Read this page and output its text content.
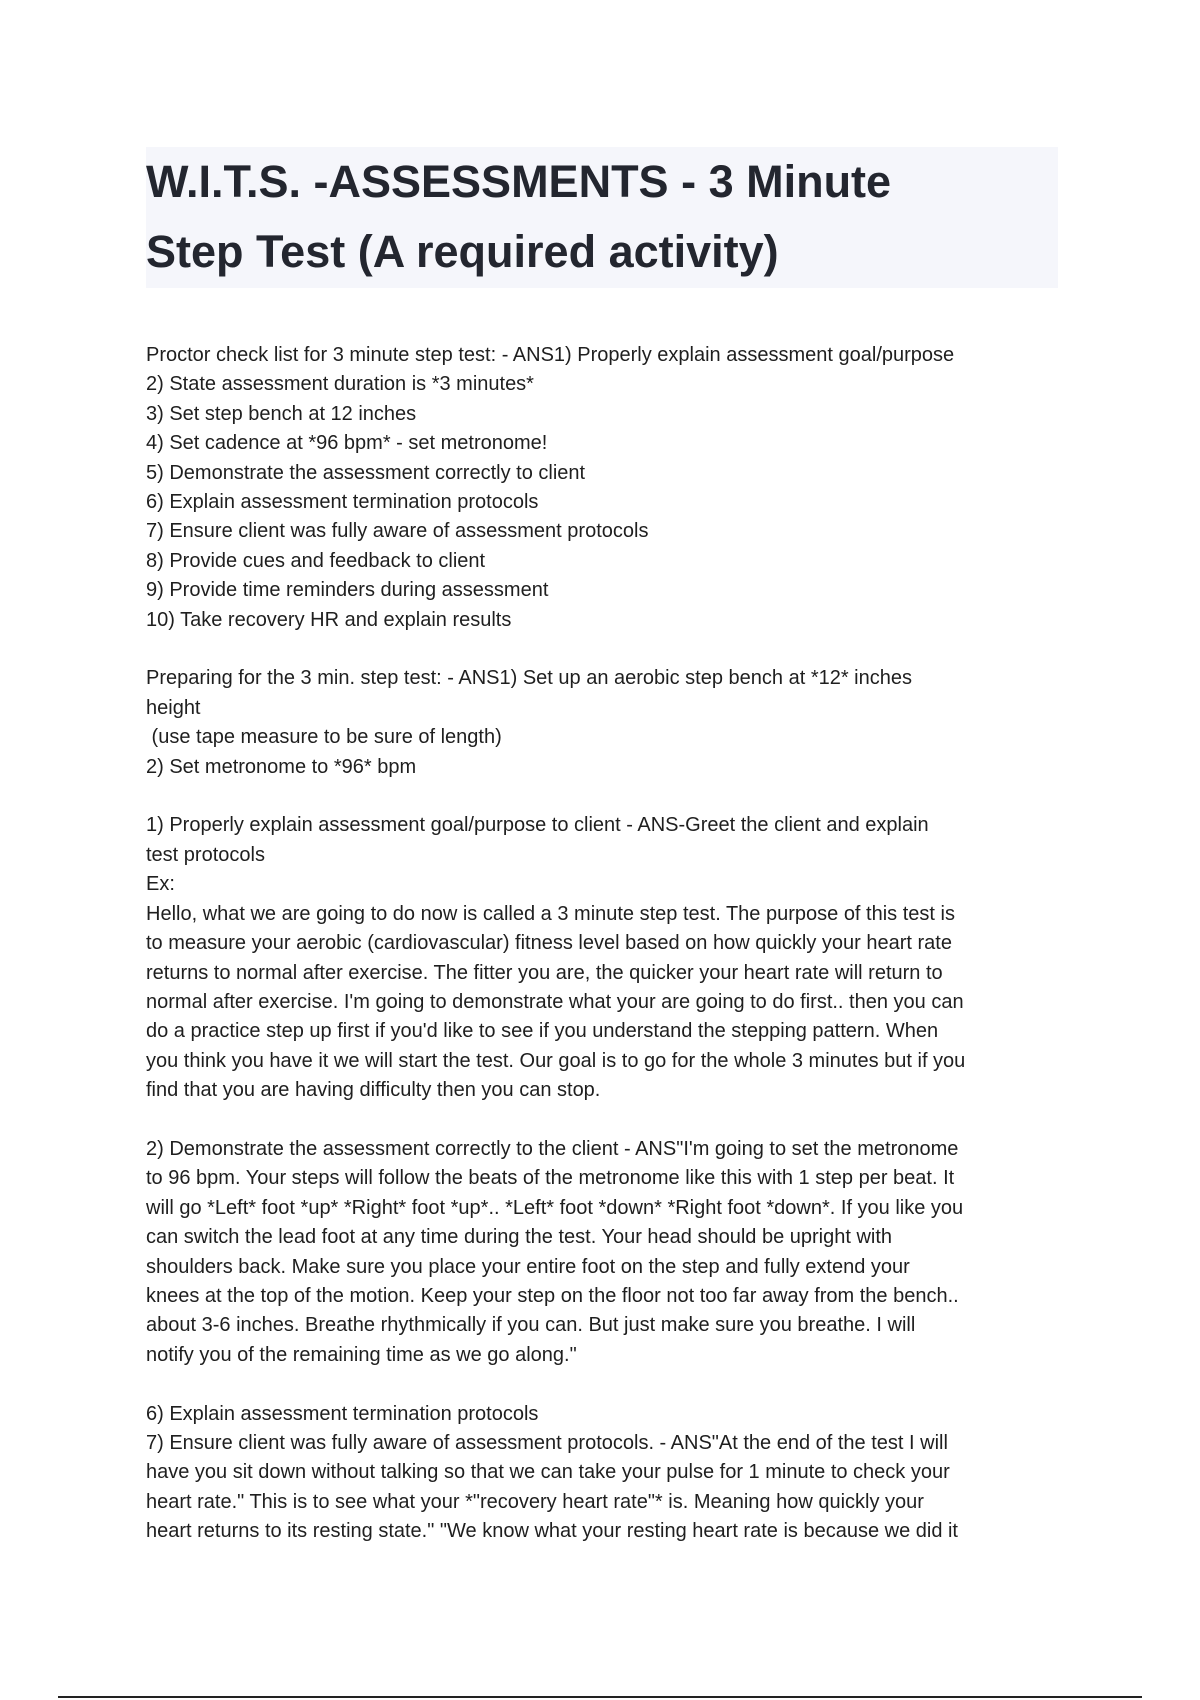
W.I.T.S. -ASSESSMENTS - 3 Minute
Step Test (A required activity)
Proctor check list for 3 minute step test: - ANS1) Properly explain assessment goal/purpose
2) State assessment duration is *3 minutes*
3) Set step bench at 12 inches
4) Set cadence at *96 bpm* - set metronome!
5) Demonstrate the assessment correctly to client
6) Explain assessment termination protocols
7) Ensure client was fully aware of assessment protocols
8) Provide cues and feedback to client
9) Provide time reminders during assessment
10) Take recovery HR and explain results
Preparing for the 3 min. step test: - ANS1) Set up an aerobic step bench at *12* inches
height
(use tape measure to be sure of length)
2) Set metronome to *96* bpm
1) Properly explain assessment goal/purpose to client - ANS-Greet the client and explain
test protocols
Ex:
Hello, what we are going to do now is called a 3 minute step test. The purpose of this test is
to measure your aerobic (cardiovascular) fitness level based on how quickly your heart rate
returns to normal after exercise. The fitter you are, the quicker your heart rate will return to
normal after exercise. I'm going to demonstrate what your are going to do first.. then you can
do a practice step up first if you'd like to see if you understand the stepping pattern. When
you think you have it we will start the test. Our goal is to go for the whole 3 minutes but if you
find that you are having difficulty then you can stop.
2) Demonstrate the assessment correctly to the client - ANS"I'm going to set the metronome
to 96 bpm. Your steps will follow the beats of the metronome like this with 1 step per beat. It
will go *Left* foot *up* *Right* foot *up*.. *Left* foot *down* *Right foot *down*. If you like you
can switch the lead foot at any time during the test. Your head should be upright with
shoulders back. Make sure you place your entire foot on the step and fully extend your
knees at the top of the motion. Keep your step on the floor not too far away from the bench..
about 3-6 inches. Breathe rhythmically if you can. But just make sure you breathe. I will
notify you of the remaining time as we go along."
6) Explain assessment termination protocols
7) Ensure client was fully aware of assessment protocols. - ANS"At the end of the test I will
have you sit down without talking so that we can take your pulse for 1 minute to check your
heart rate." This is to see what your *"recovery heart rate"* is. Meaning how quickly your
heart returns to its resting state." "We know what your resting heart rate is because we did it
